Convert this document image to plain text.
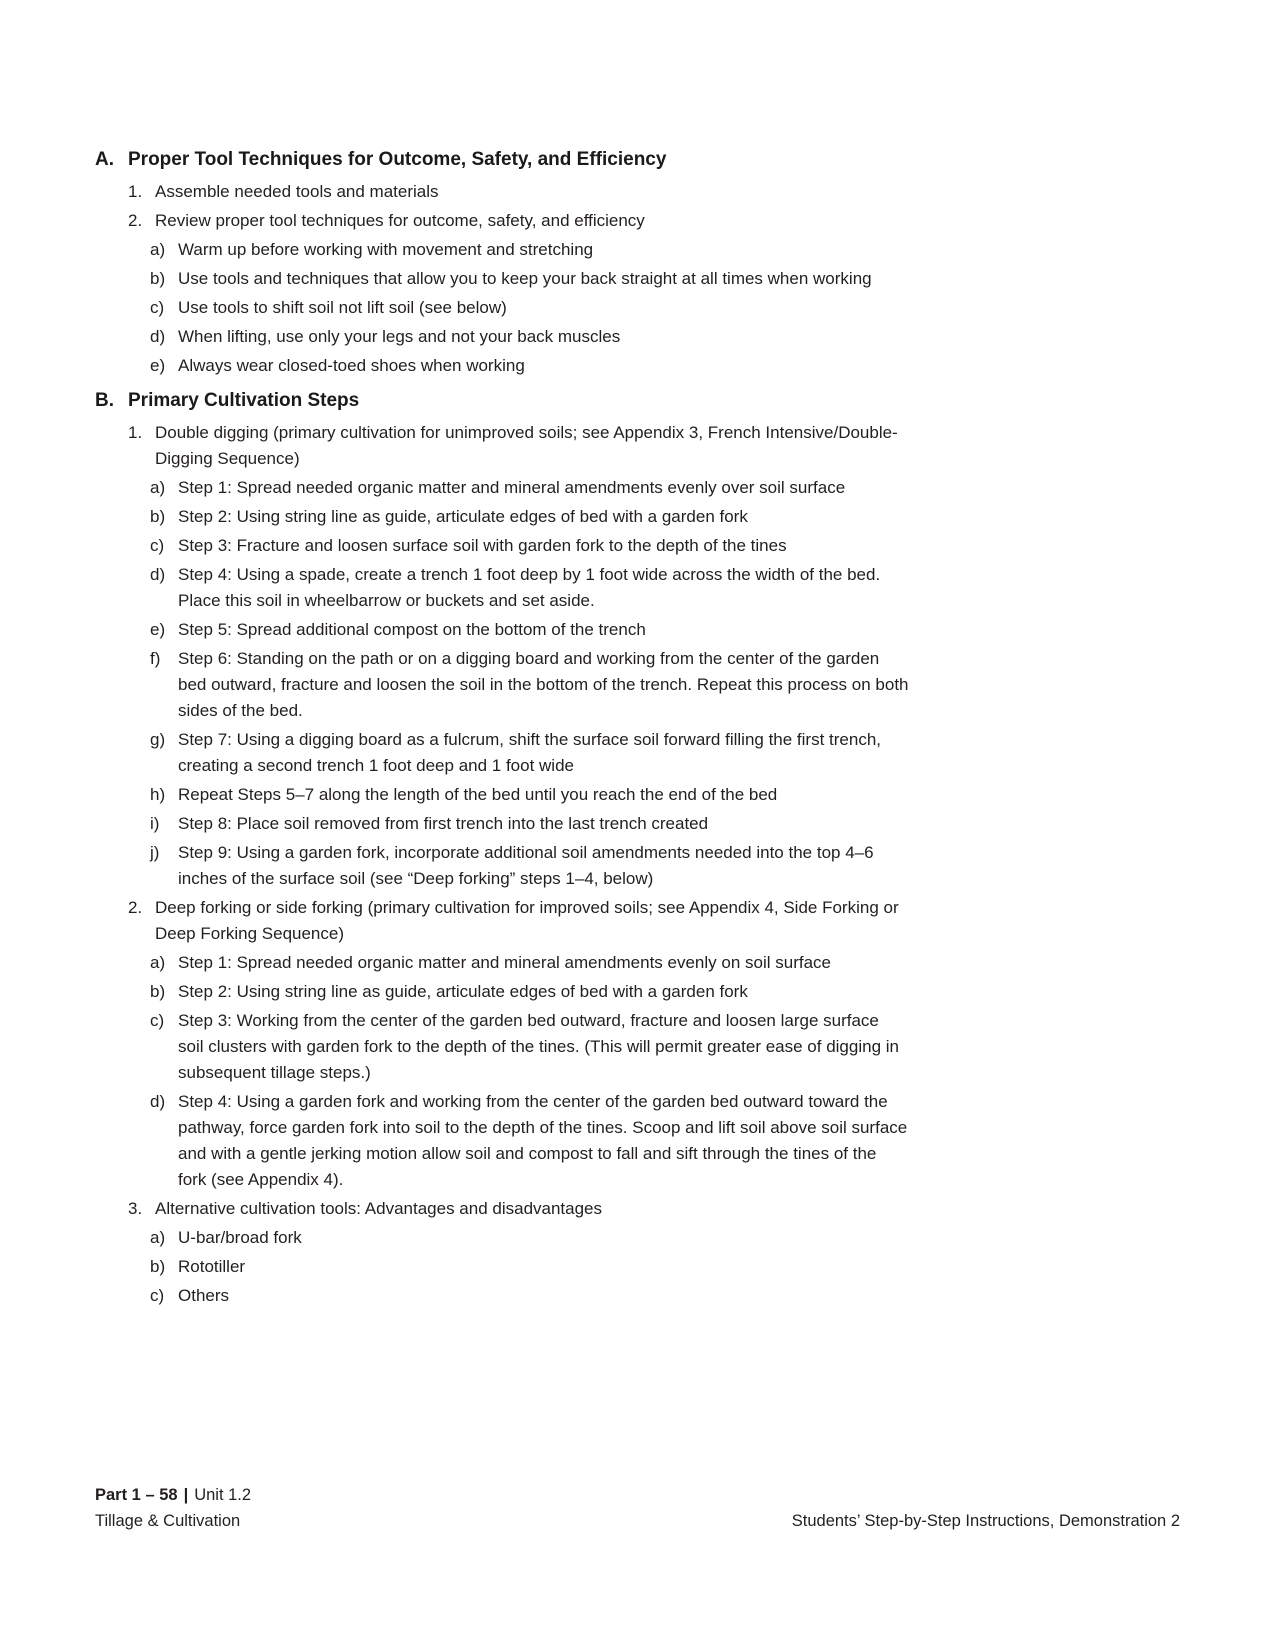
A. Proper Tool Techniques for Outcome, Safety, and Efficiency
1. Assemble needed tools and materials
2. Review proper tool techniques for outcome, safety, and efficiency
a) Warm up before working with movement and stretching
b) Use tools and techniques that allow you to keep your back straight at all times when working
c) Use tools to shift soil not lift soil (see below)
d) When lifting, use only your legs and not your back muscles
e) Always wear closed-toed shoes when working
B. Primary Cultivation Steps
1. Double digging (primary cultivation for unimproved soils; see Appendix 3, French Intensive/Double-Digging Sequence)
a) Step 1: Spread needed organic matter and mineral amendments evenly over soil surface
b) Step 2: Using string line as guide, articulate edges of bed with a garden fork
c) Step 3: Fracture and loosen surface soil with garden fork to the depth of the tines
d) Step 4: Using a spade, create a trench 1 foot deep by 1 foot wide across the width of the bed. Place this soil in wheelbarrow or buckets and set aside.
e) Step 5: Spread additional compost on the bottom of the trench
f)	Step 6: Standing on the path or on a digging board and working from the center of the garden bed outward, fracture and loosen the soil in the bottom of the trench. Repeat this process on both sides of the bed.
g) Step 7: Using a digging board as a fulcrum, shift the surface soil forward filling the first trench, creating a second trench 1 foot deep and 1 foot wide
h) Repeat Steps 5–7 along the length of the bed until you reach the end of the bed
i)	Step 8: Place soil removed from first trench into the last trench created
j)	Step 9: Using a garden fork, incorporate additional soil amendments needed into the top 4–6 inches of the surface soil (see “Deep forking” steps 1–4, below)
2. Deep forking or side forking (primary cultivation for improved soils; see Appendix 4, Side Forking or Deep Forking Sequence)
a) Step 1: Spread needed organic matter and mineral amendments evenly on soil surface
b) Step 2: Using string line as guide, articulate edges of bed with a garden fork
c) Step 3: Working from the center of the garden bed outward, fracture and loosen large surface soil clusters with garden fork to the depth of the tines. (This will permit greater ease of digging in subsequent tillage steps.)
d) Step 4: Using a garden fork and working from the center of the garden bed outward toward the pathway, force garden fork into soil to the depth of the tines. Scoop and lift soil above soil surface and with a gentle jerking motion allow soil and compost to fall and sift through the tines of the fork (see Appendix 4).
3. Alternative cultivation tools: Advantages and disadvantages
a) U-bar/broad fork
b) Rototiller
c) Others
Part 1 – 58 | Unit 1.2
Tillage & Cultivation	Students’ Step-by-Step Instructions, Demonstration 2
